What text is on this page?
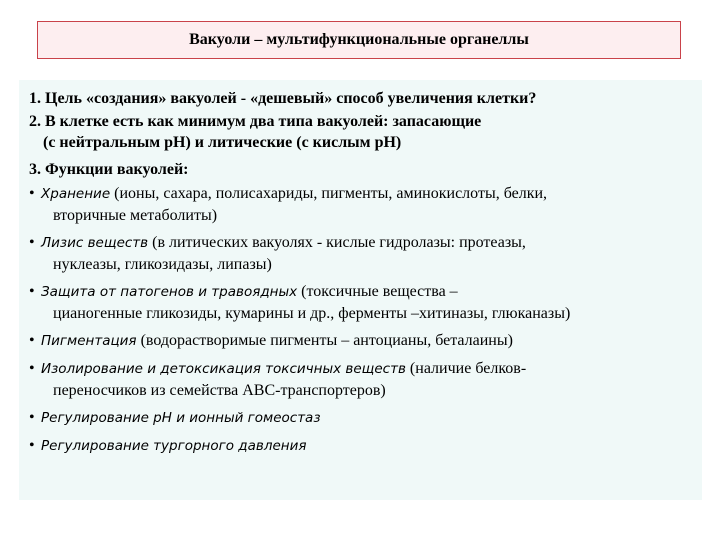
Вакуоли – мультифункциональные органеллы

1. Цель «создания» вакуолей - «дешевый» способ увеличения клетки?

2. В клетке есть как минимум два типа вакуолей: запасающие
(с нейтральным рН) и литические (с кислым рН)

3. Функции вакуолей:

• Хранение (ионы, сахара, полисахариды, пигменты, аминокислоты, белки,
вторичные метаболиты)
• Лизис веществ (в литических вакуолях - кислые гидролазы: протеазы,
нуклеазы, гликозидазы, липазы)
• Защита от патогенов и травоядных (токсичные вещества –
цианогенные гликозиды, кумарины и др., ферменты –хитиназы, глюканазы)
• Пигментация (водорастворимые пигменты – антоцианы, беталаины)
• Изолирование и детоксикация токсичных веществ (наличие белков-
переносчиков из семейства АВС-транспортеров)
• Регулирование рН и ионный гомеостаз
• Регулирование тургорного давления
